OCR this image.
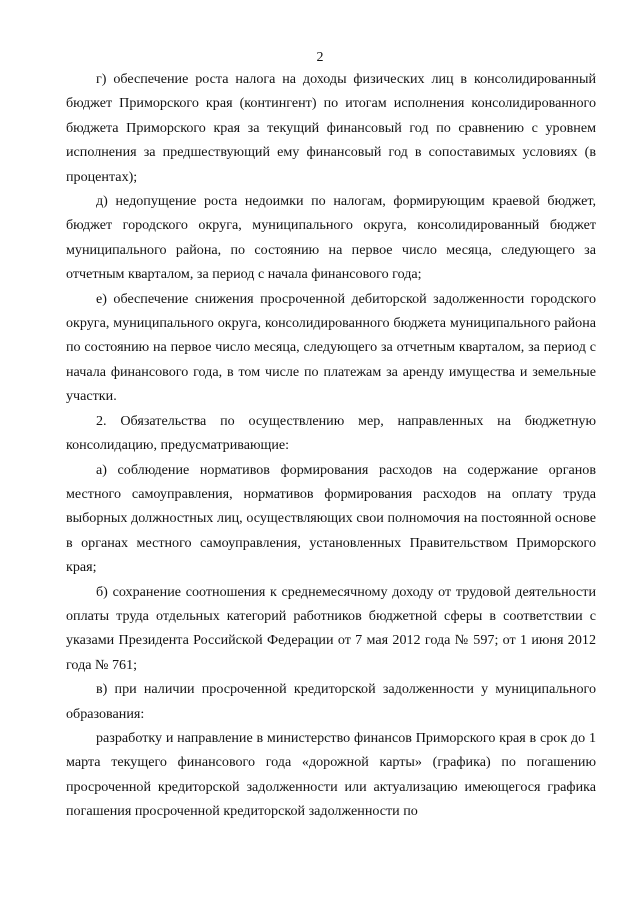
2

г) обеспечение роста налога на доходы физических лиц в консолидированный бюджет Приморского края (контингент) по итогам исполнения консолидированного бюджета Приморского края за текущий финансовый год по сравнению с уровнем исполнения за предшествующий ему финансовый год в сопоставимых условиях (в процентах);

д) недопущение роста недоимки по налогам, формирующим краевой бюджет, бюджет городского округа, муниципального округа, консолидированный бюджет муниципального района, по состоянию на первое число месяца, следующего за отчетным кварталом, за период с начала финансового года;

е) обеспечение снижения просроченной дебиторской задолженности городского округа, муниципального округа, консолидированного бюджета муниципального района по состоянию на первое число месяца, следующего за отчетным кварталом, за период с начала финансового года, в том числе по платежам за аренду имущества и земельные участки.

2. Обязательства по осуществлению мер, направленных на бюджетную консолидацию, предусматривающие:

а) соблюдение нормативов формирования расходов на содержание органов местного самоуправления, нормативов формирования расходов на оплату труда выборных должностных лиц, осуществляющих свои полномочия на постоянной основе в органах местного самоуправления, установленных Правительством Приморского края;

б) сохранение соотношения к среднемесячному доходу от трудовой деятельности оплаты труда отдельных категорий работников бюджетной сферы в соответствии с указами Президента Российской Федерации от 7 мая 2012 года № 597; от 1 июня 2012 года № 761;

в) при наличии просроченной кредиторской задолженности у муниципального образования:

разработку и направление в министерство финансов Приморского края в срок до 1 марта текущего финансового года «дорожной карты» (графика) по погашению просроченной кредиторской задолженности или актуализацию имеющегося графика погашения просроченной кредиторской задолженности по
